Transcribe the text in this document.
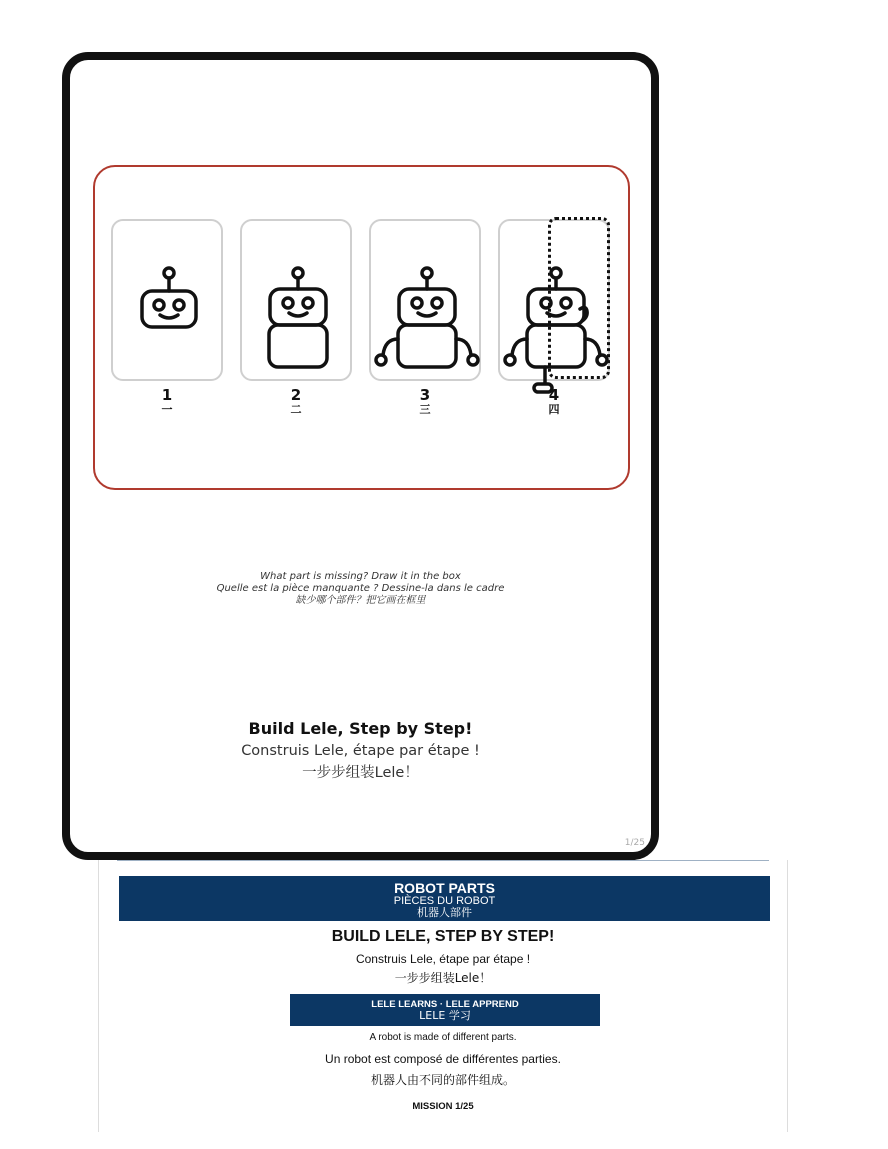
1
一
2
二
3
三
4
四
What part is missing? Draw it in the box
Quelle est la pièce manquante ? Dessine-la dans le cadre
缺少哪个部件？把它画在框里
Build Lele, Step by Step!
Construis Lele, étape par étape !
一步步组装Lele！
1/25
ROBOT PARTS
PIÈCES DU ROBOT
机器人部件
BUILD LELE, STEP BY STEP!
Construis Lele, étape par étape !
一步步组装Lele！
LELE LEARNS · LELE APPREND
LELE 学习
A robot is made of different parts.
Un robot est composé de différentes parties.
机器人由不同的部件组成。
MISSION 1/25
